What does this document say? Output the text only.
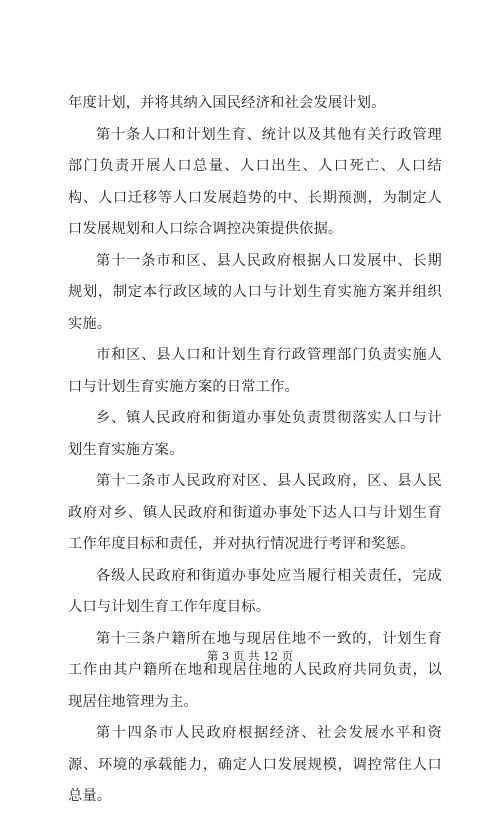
年度计划，并将其纳入国民经济和社会发展计划。

第十条人口和计划生育、统计以及其他有关行政管理部门负责开展人口总量、人口出生、人口死亡、人口结构、人口迁移等人口发展趋势的中、长期预测，为制定人口发展规划和人口综合调控决策提供依据。

第十一条市和区、县人民政府根据人口发展中、长期规划，制定本行政区域的人口与计划生育实施方案并组织实施。

市和区、县人口和计划生育行政管理部门负责实施人口与计划生育实施方案的日常工作。

乡、镇人民政府和街道办事处负责贯彻落实人口与计划生育实施方案。

第十二条市人民政府对区、县人民政府，区、县人民政府对乡、镇人民政府和街道办事处下达人口与计划生育工作年度目标和责任，并对执行情况进行考评和奖惩。

各级人民政府和街道办事处应当履行相关责任，完成人口与计划生育工作年度目标。

第十三条户籍所在地与现居住地不一致的，计划生育工作由其户籍所在地和现居住地的人民政府共同负责，以现居住地管理为主。

第十四条市人民政府根据经济、社会发展水平和资源、环境的承载能力，确定人口发展规模，调控常住人口总量。

第 3 页 共 12 页
